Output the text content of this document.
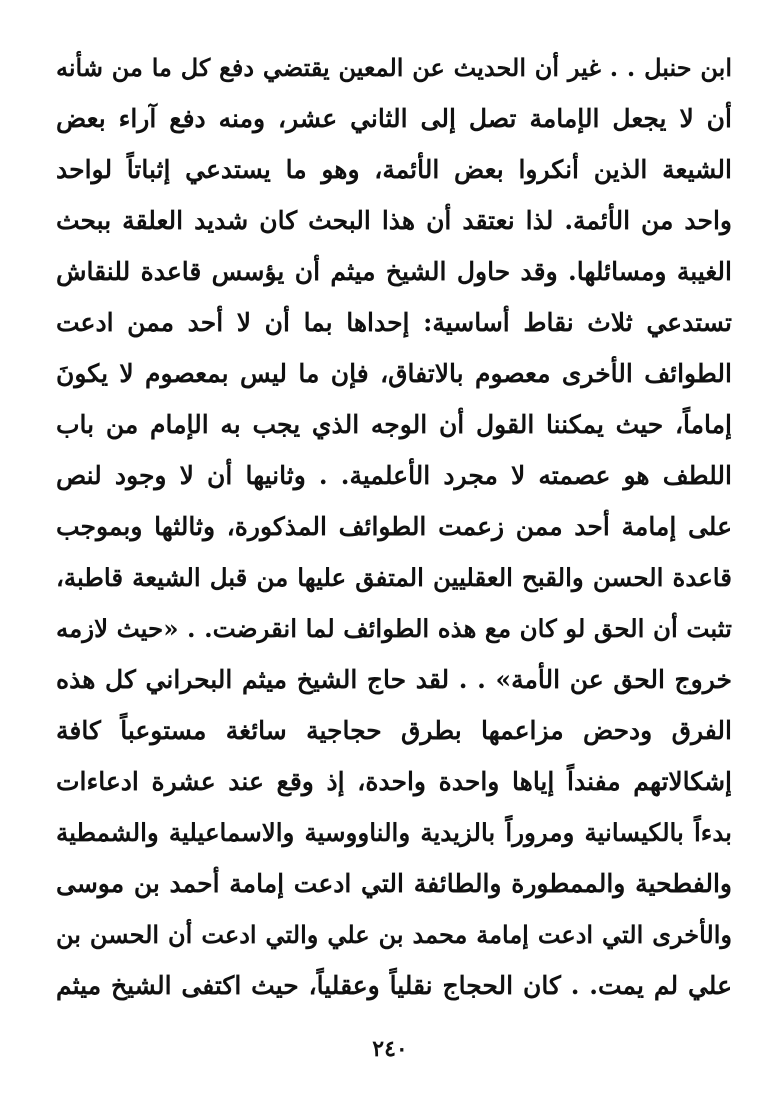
ابن حنبل . . غير أن الحديث عن المعين يقتضي دفع كل ما من شأنه
أن لا يجعل الإمامة تصل إلى الثاني عشر، ومنه دفع آراء بعض
الشيعة الذين أنكروا بعض الأئمة، وهو ما يستدعي إثباتاً لواحد
واحد من الأئمة. لذا نعتقد أن هذا البحث كان شديد العلقة ببحث
الغيبة ومسائلها. وقد حاول الشيخ ميثم أن يؤسس قاعدة للنقاش
تستدعي ثلاث نقاط أساسية: إحداها بما أن لا أحد ممن ادعت
الطوائف الأخرى معصوم بالاتفاق، فإن ما ليس بمعصوم لا يكونَ
إماماً، حيث يمكننا القول أن الوجه الذي يجب به الإمام من باب
اللطف هو عصمته لا مجرد الأعلمية. . وثانيها أن لا وجود لنص
على إمامة أحد ممن زعمت الطوائف المذكورة، وثالثها وبموجب
قاعدة الحسن والقبح العقليين المتفق عليها من قبل الشيعة قاطبة،
تثبت أن الحق لو كان مع هذه الطوائف لما انقرضت. . «حيث لازمه
خروج الحق عن الأمة» . . لقد حاج الشيخ ميثم البحراني كل هذه
الفرق ودحض مزاعمها بطرق حجاجية سائغة مستوعباً كافة
إشكالاتهم مفنداً إياها واحدة واحدة، إذ وقع عند عشرة ادعاءات
بدءاً بالكيسانية ومروراً بالزيدية والناووسية والاسماعيلية والشمطية
والفطحية والممطورة والطائفة التي ادعت إمامة أحمد بن موسى
والأخرى التي ادعت إمامة محمد بن علي والتي ادعت أن الحسن بن
علي لم يمت. . كان الحجاج نقلياً وعقلياً، حيث اكتفى الشيخ ميثم
٢٤٠
